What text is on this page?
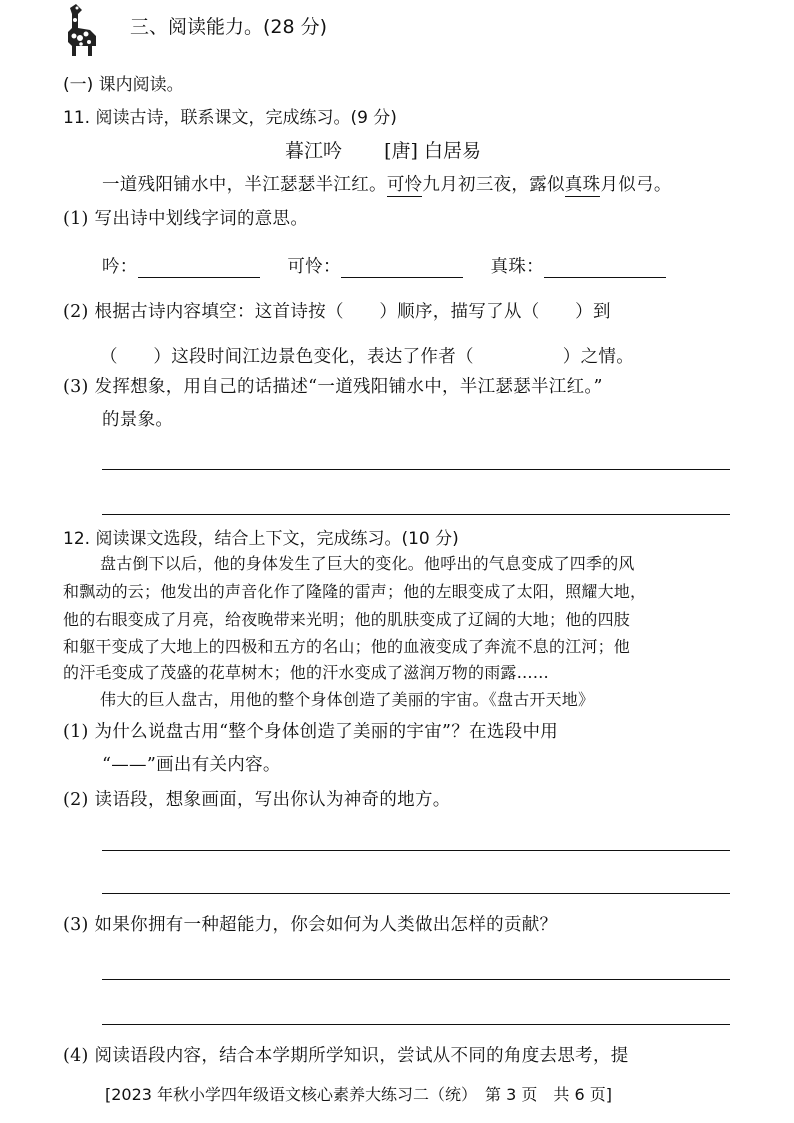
三、阅读能力。(28 分)
(一) 课内阅读。
11. 阅读古诗，联系课文，完成练习。(9 分)
暮江吟 [唐] 白居易
一道残阳铺水中，半江瑟瑟半江红。可怜九月初三夜，露似真珠月似弓。
(1) 写出诗中划线字词的意思。
吟：	可怜：	真珠：
(2) 根据古诗内容填空：这首诗按（　　）顺序，描写了从（　　）到
（　　）这段时间江边景色变化，表达了作者（　　　　　）之情。
(3) 发挥想象，用自己的话描述“一道残阳铺水中，半江瑟瑟半江红。”
的景象。
12. 阅读课文选段，结合上下文，完成练习。(10 分)
盘古倒下以后，他的身体发生了巨大的变化。他呼出的气息变成了四季的风
和飘动的云；他发出的声音化作了隆隆的雷声；他的左眼变成了太阳，照耀大地，
他的右眼变成了月亮，给夜晚带来光明；他的肌肤变成了辽阔的大地；他的四肢
和躯干变成了大地上的四极和五方的名山；他的血液变成了奔流不息的江河；他
的汗毛变成了茂盛的花草树木；他的汗水变成了滋润万物的雨露……
伟大的巨人盘古，用他的整个身体创造了美丽的宇宙。《盘古开天地》
(1) 为什么说盘古用“整个身体创造了美丽的宇宙”？在选段中用
“——”画出有关内容。
(2) 读语段，想象画面，写出你认为神奇的地方。
(3) 如果你拥有一种超能力，你会如何为人类做出怎样的贡献？
(4) 阅读语段内容，结合本学期所学知识，尝试从不同的角度去思考，提
[2023 年秋小学四年级语文核心素养大练习二（统）　第 3 页　共 6 页]
